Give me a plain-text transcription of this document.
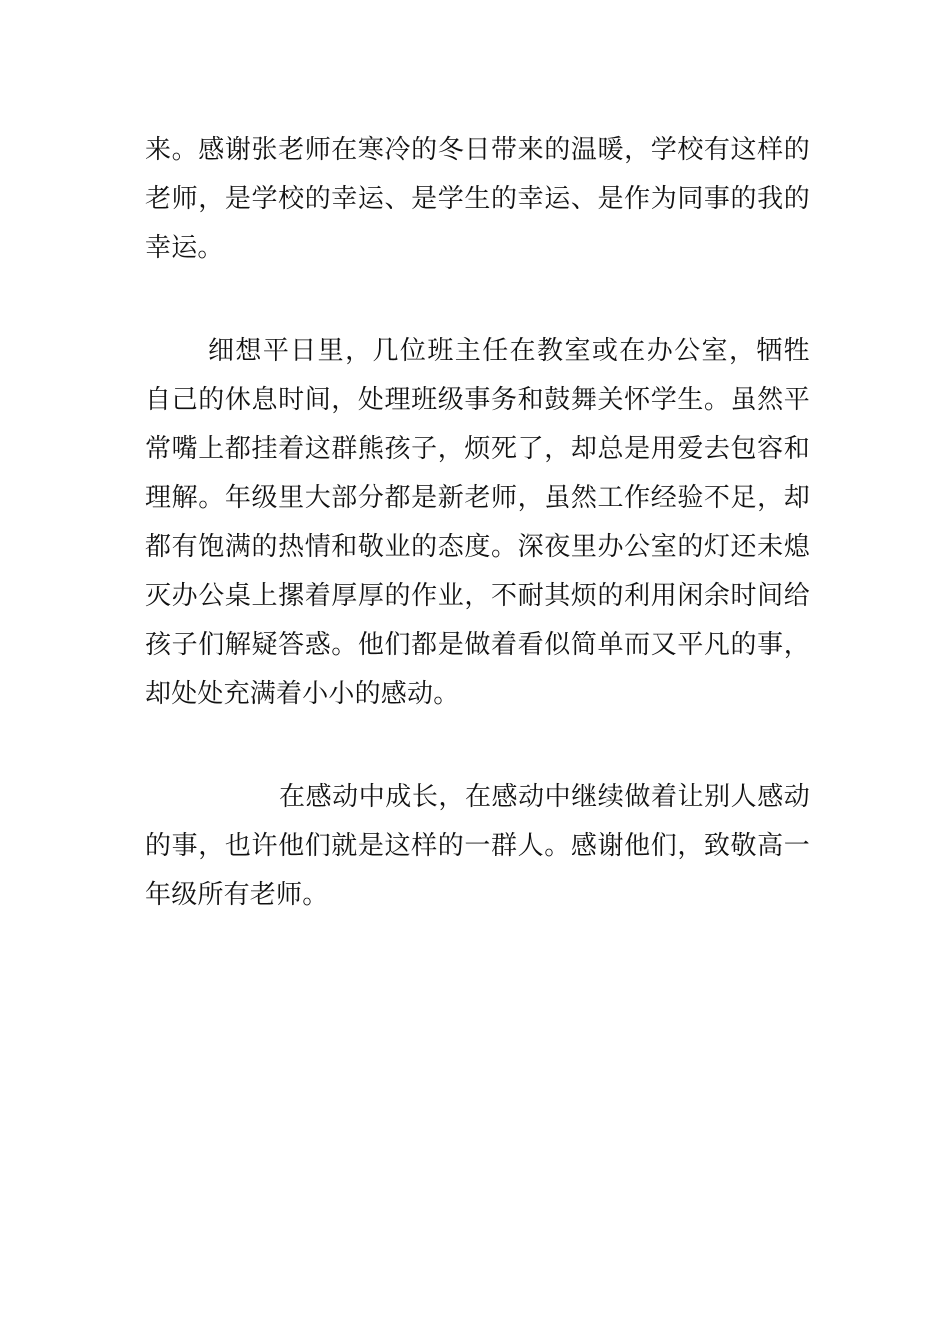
来。感谢张老师在寒冷的冬日带来的温暖，学校有这样的老师，是学校的幸运、是学生的幸运、是作为同事的我的幸运。

细想平日里，几位班主任在教室或在办公室，牺牲自己的休息时间，处理班级事务和鼓舞关怀学生。虽然平常嘴上都挂着这群熊孩子，烦死了，却总是用爱去包容和理解。年级里大部分都是新老师，虽然工作经验不足，却都有饱满的热情和敬业的态度。深夜里办公室的灯还未熄灭办公桌上摞着厚厚的作业，不耐其烦的利用闲余时间给孩子们解疑答惑。他们都是做着看似简单而又平凡的事，却处处充满着小小的感动。

在感动中成长，在感动中继续做着让别人感动的事，也许他们就是这样的一群人。感谢他们，致敬高一年级所有老师。
